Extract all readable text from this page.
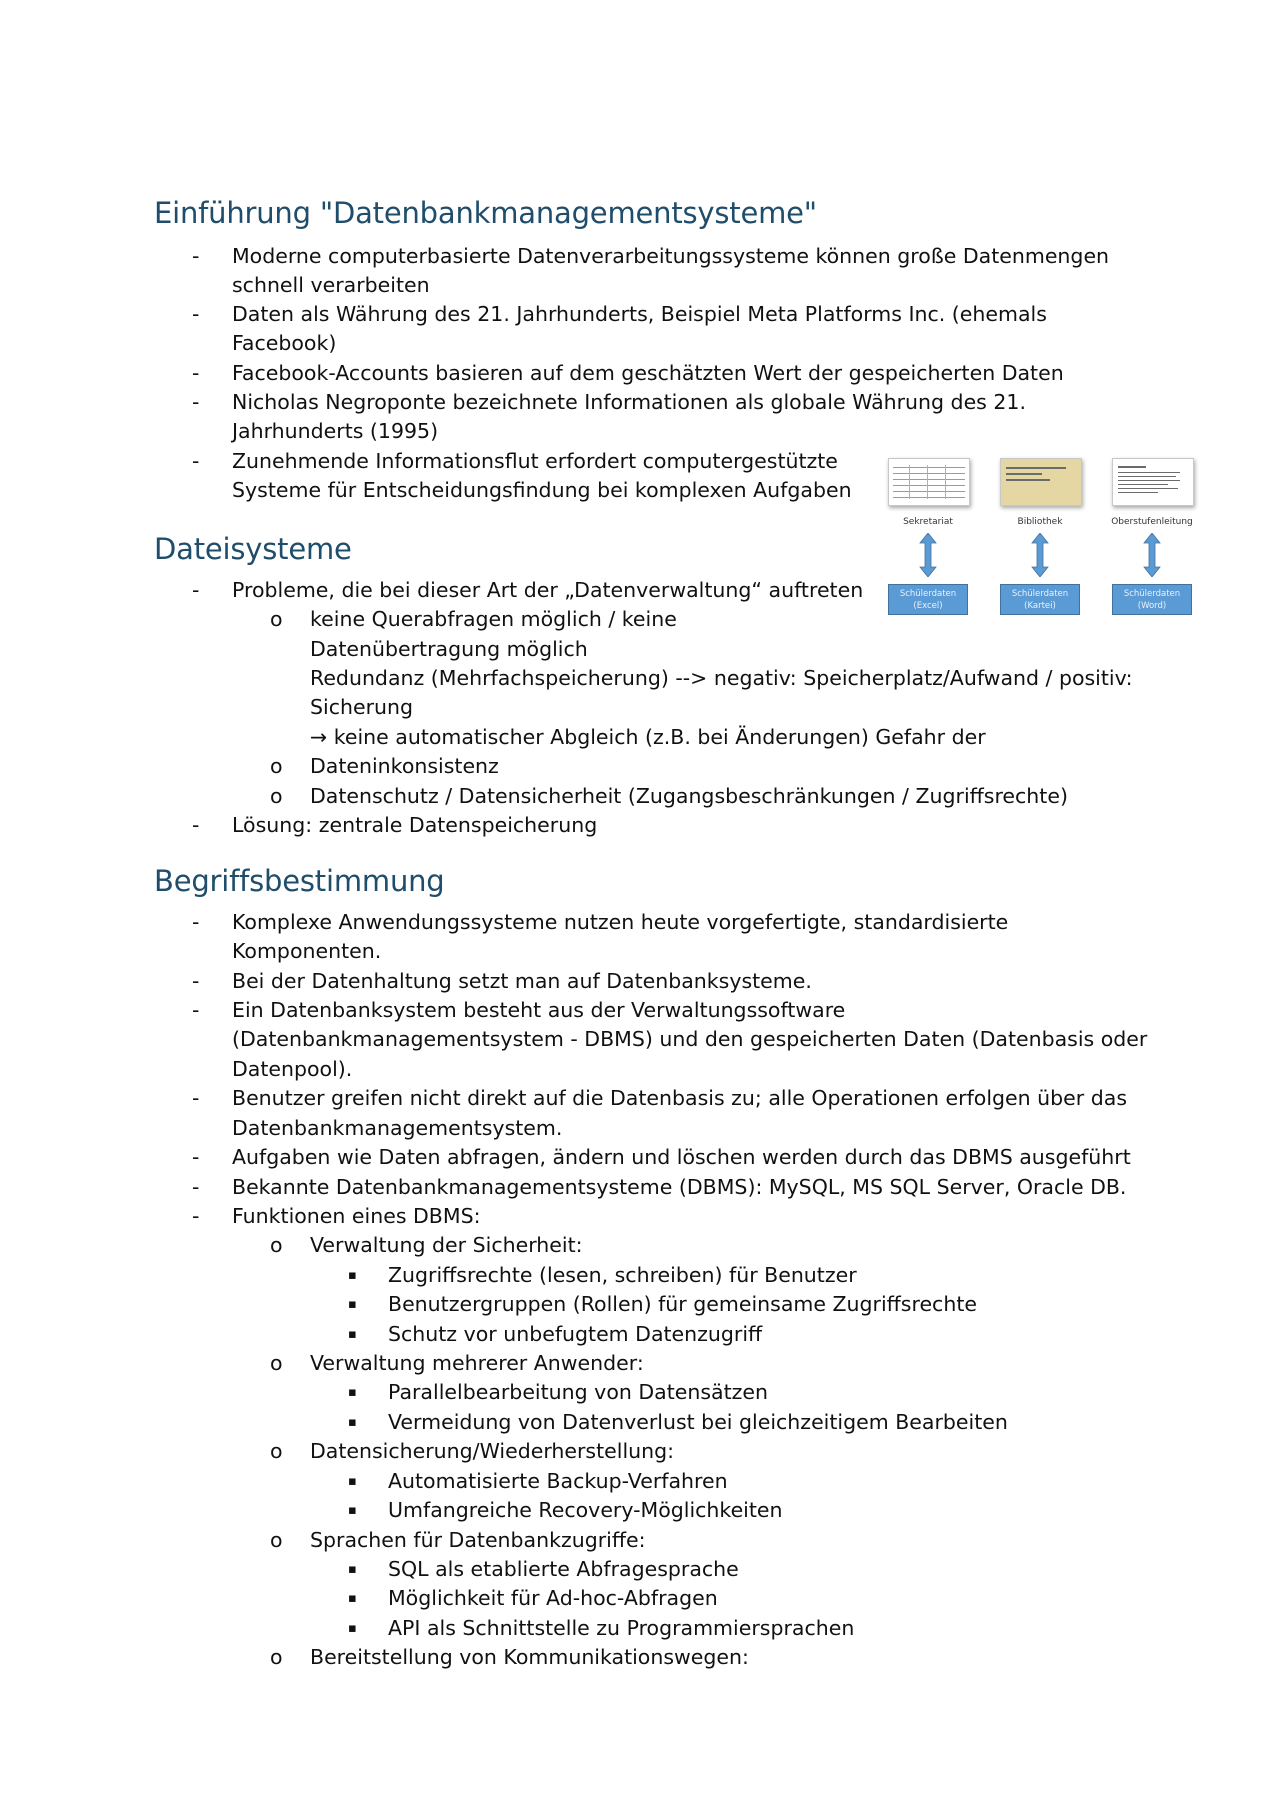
Einführung "Datenbankmanagementsysteme"
- Moderne computerbasierte Datenverarbeitungssysteme können große Datenmengen
schnell verarbeiten
- Daten als Währung des 21. Jahrhunderts, Beispiel Meta Platforms Inc. (ehemals
Facebook)
- Facebook-Accounts basieren auf dem geschätzten Wert der gespeicherten Daten
- Nicholas Negroponte bezeichnete Informationen als globale Währung des 21.
Jahrhunderts (1995)
- Zunehmende Informationsflut erfordert computergestützte
Systeme für Entscheidungsfindung bei komplexen Aufgaben
Dateisysteme
- Probleme, die bei dieser Art der „Datenverwaltung“ auftreten
o keine Querabfragen möglich / keine
Datenübertragung möglich
Redundanz (Mehrfachspeicherung) --> negativ: Speicherplatz/Aufwand / positiv:
Sicherung
→ keine automatischer Abgleich (z.B. bei Änderungen) Gefahr der
o Dateninkonsistenz
o Datenschutz / Datensicherheit (Zugangsbeschränkungen / Zugriffsrechte)
- Lösung: zentrale Datenspeicherung
Sekretariat	Bibliothek	Oberstufenleitung
Schülerdaten
(Excel)
Schülerdaten
(Kartei)
Schülerdaten
(Word)
Begriffsbestimmung
- Komplexe Anwendungssysteme nutzen heute vorgefertigte, standardisierte
Komponenten.
- Bei der Datenhaltung setzt man auf Datenbanksysteme.
- Ein Datenbanksystem besteht aus der Verwaltungssoftware
(Datenbankmanagementsystem - DBMS) und den gespeicherten Daten (Datenbasis oder
Datenpool).
- Benutzer greifen nicht direkt auf die Datenbasis zu; alle Operationen erfolgen über das
Datenbankmanagementsystem.
- Aufgaben wie Daten abfragen, ändern und löschen werden durch das DBMS ausgeführt
- Bekannte Datenbankmanagementsysteme (DBMS): MySQL, MS SQL Server, Oracle DB.
- Funktionen eines DBMS:
o Verwaltung der Sicherheit:
▪ Zugriffsrechte (lesen, schreiben) für Benutzer
▪ Benutzergruppen (Rollen) für gemeinsame Zugriffsrechte
▪ Schutz vor unbefugtem Datenzugriff
o Verwaltung mehrerer Anwender:
▪ Parallelbearbeitung von Datensätzen
▪ Vermeidung von Datenverlust bei gleichzeitigem Bearbeiten
o Datensicherung/Wiederherstellung:
▪ Automatisierte Backup-Verfahren
▪ Umfangreiche Recovery-Möglichkeiten
o Sprachen für Datenbankzugriffe:
▪ SQL als etablierte Abfragesprache
▪ Möglichkeit für Ad-hoc-Abfragen
▪ API als Schnittstelle zu Programmiersprachen
o Bereitstellung von Kommunikationswegen:
